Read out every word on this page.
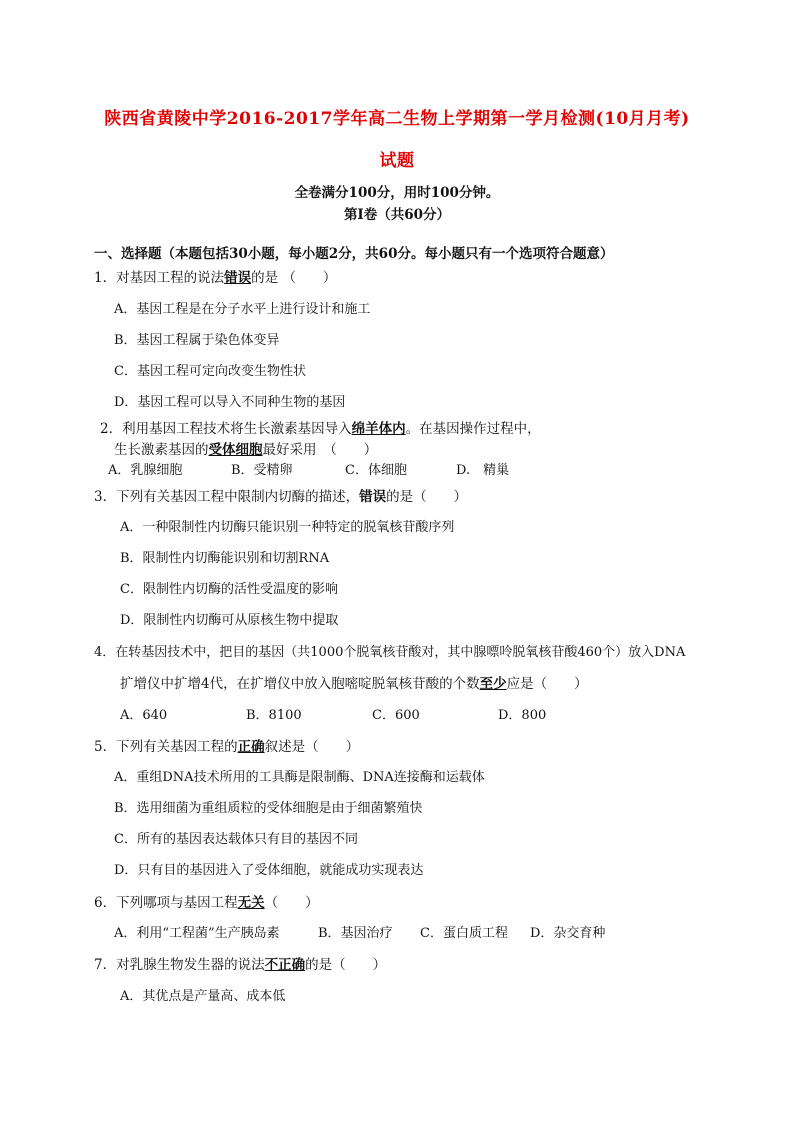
陕西省黄陵中学2016-2017学年高二生物上学期第一学月检测(10月月考)
试题
全卷满分100分，用时100分钟。
第Ⅰ卷（共60分）
一、选择题（本题包括30小题，每小题2分，共60分。每小题只有一个选项符合题意）
1．对基因工程的说法错误的是 （　　）
A．基因工程是在分子水平上进行设计和施工
B．基因工程属于染色体变异
C．基因工程可定向改变生物性状
D．基因工程可以导入不同种生物的基因
2．利用基因工程技术将生长激素基因导入绵羊体内。在基因操作过程中，
生长激素基因的受体细胞最好采用　（　　）
A．乳腺细胞	B．受精卵	C．体细胞	D.　精巢
3．下列有关基因工程中限制内切酶的描述，错误的是（　　）
A．一种限制性内切酶只能识别一种特定的脱氧核苷酸序列
B．限制性内切酶能识别和切割RNA
C．限制性内切酶的活性受温度的影响
D．限制性内切酶可从原核生物中提取
4．在转基因技术中，把目的基因（共1000个脱氧核苷酸对，其中腺嘌呤脱氧核苷酸460个）放入DNA
扩增仪中扩增4代，在扩增仪中放入胞嘧啶脱氧核苷酸的个数至少应是（　　）
A．640	B．8100	C．600	D．800
5．下列有关基因工程的正确叙述是（　　）
A．重组DNA技术所用的工具酶是限制酶、DNA连接酶和运载体
B．选用细菌为重组质粒的受体细胞是由于细菌繁殖快
C．所有的基因表达载体只有目的基因不同
D．只有目的基因进入了受体细胞，就能成功实现表达
6．下列哪项与基因工程无关（　　）
A．利用“工程菌”生产胰岛素	B．基因治疗 C．蛋白质工程 D．杂交育种
7．对乳腺生物发生器的说法不正确的是（　　）
A．其优点是产量高、成本低
